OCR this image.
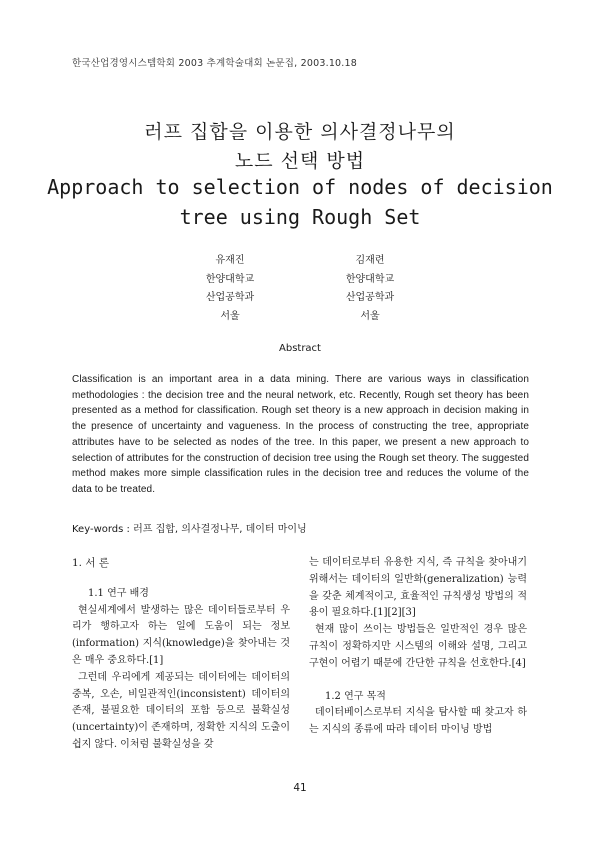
한국산업경영시스템학회 2003 추계학술대회 논문집, 2003.10.18
러프 집합을 이용한 의사결정나무의
노드 선택 방법
Approach to selection of nodes of decision
tree using Rough Set
유재진
한양대학교
산업공학과
서울
김재련
한양대학교
산업공학과
서울
Abstract
Classification is an important area in a data mining. There are various ways in classification methodologies : the decision tree and the neural network, etc. Recently, Rough set theory has been presented as a method for classification. Rough set theory is a new approach in decision making in the presence of uncertainty and vagueness. In the process of constructing the tree, appropriate attributes have to be selected as nodes of the tree. In this paper, we present a new approach to selection of attributes for the construction of decision tree using the Rough set theory. The suggested method makes more simple classification rules in the decision tree and reduces the volume of the data to be treated.
Key-words : 러프 집합, 의사결정나무, 데이터 마이닝

1. 서 론

1.1 연구 배경

현실세계에서 발생하는 많은 데이터들로부터 우리가 행하고자 하는 일에 도움이 되는 정보(information) 지식(knowledge)을 찾아내는 것은 매우 중요하다.[1]

그런데 우리에게 제공되는 데이터에는 데이터의 중복, 오손, 비일관적인(inconsistent) 데이터의 존재, 불필요한 데이터의 포함 등으로 불확실성(uncertainty)이 존재하며, 정확한 지식의 도출이 쉽지 않다. 이처럼 불확실성을 갖

는 데이터로부터 유용한 지식, 즉 규칙을 찾아내기 위해서는 데이터의 일반화(generalization) 능력을 갖춘 체계적이고, 효율적인 규칙생성 방법의 적용이 필요하다.[1][2][3]

현재 많이 쓰이는 방법들은 일반적인 경우 많은 규칙이 정확하지만 시스템의 이해와 설명, 그리고 구현이 어렵기 때문에 간단한 규칙을 선호한다.[4]

1.2 연구 목적

데이터베이스로부터 지식을 탐사할 때 찾고자 하는 지식의 종류에 따라 데이터 마이닝 방법

41
